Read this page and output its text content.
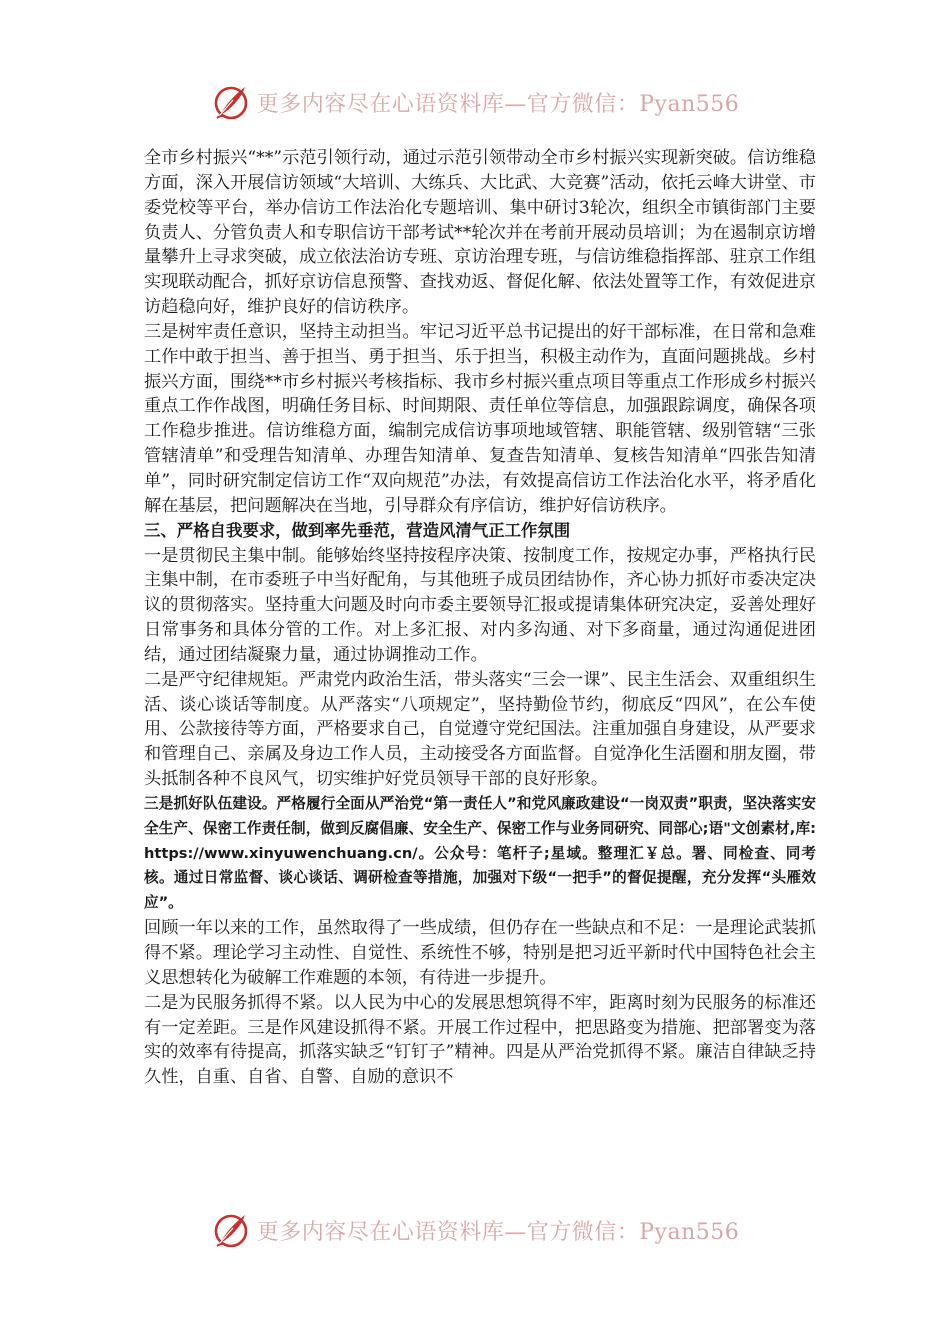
更多内容尽在心语资料库—官方微信：Pyan556

全市乡村振兴“**”示范引领行动，通过示范引领带动全市乡村振兴实现新突破。信访维稳方面，深入开展信访领域“大培训、大练兵、大比武、大竞赛”活动，依托云峰大讲堂、市委党校等平台，举办信访工作法治化专题培训、集中研讨3轮次，组织全市镇街部门主要负责人、分管负责人和专职信访干部考试**轮次并在考前开展动员培训；为在遏制京访增量攀升上寻求突破，成立依法治访专班、京访治理专班，与信访维稳指挥部、驻京工作组实现联动配合，抓好京访信息预警、查找劝返、督促化解、依法处置等工作，有效促进京访趋稳向好，维护良好的信访秩序。

三是树牢责任意识，坚持主动担当。牢记习近平总书记提出的好干部标准，在日常和急难工作中敢于担当、善于担当、勇于担当、乐于担当，积极主动作为，直面问题挑战。乡村振兴方面，围绕**市乡村振兴考核指标、我市乡村振兴重点项目等重点工作形成乡村振兴重点工作作战图，明确任务目标、时间期限、责任单位等信息，加强跟踪调度，确保各项工作稳步推进。信访维稳方面，编制完成信访事项地域管辖、职能管辖、级别管辖“三张管辖清单”和受理告知清单、办理告知清单、复查告知清单、复核告知清单“四张告知清单”，同时研究制定信访工作“双向规范”办法，有效提高信访工作法治化水平，将矛盾化解在基层，把问题解决在当地，引导群众有序信访，维护好信访秩序。

三、严格自我要求，做到率先垂范，营造风清气正工作氛围

一是贯彻民主集中制。能够始终坚持按程序决策、按制度工作，按规定办事，严格执行民主集中制，在市委班子中当好配角，与其他班子成员团结协作，齐心协力抓好市委决定决议的贯彻落实。坚持重大问题及时向市委主要领导汇报或提请集体研究决定，妥善处理好日常事务和具体分管的工作。对上多汇报、对内多沟通、对下多商量，通过沟通促进团结，通过团结凝聚力量，通过协调推动工作。

二是严守纪律规矩。严肃党内政治生活，带头落实“三会一课”、民主生活会、双重组织生活、谈心谈话等制度。从严落实“八项规定”，坚持勤俭节约，彻底反“四风”，在公车使用、公款接待等方面，严格要求自己，自觉遵守党纪国法。注重加强自身建设，从严要求和管理自己、亲属及身边工作人员，主动接受各方面监督。自觉净化生活圈和朋友圈，带头抵制各种不良风气，切实维护好党员领导干部的良好形象。

三是抓好队伍建设。严格履行全面从严治党“第一责任人”和党风廉政建设“一岗双责”职责，坚决落实安全生产、保密工作责任制，做到反腐倡廉、安全生产、保密工作与业务同研究、同部心;语"文创素材,库: https://www.xinyuwenchuang.cn/。公众号：笔杆子;星域。整理汇￥总。署、同检查、同考核。通过日常监督、谈心谈话、调研检查等措施，加强对下级“一把手”的督促提醒，充分发挥“头雁效应”。

回顾一年以来的工作，虽然取得了一些成绩，但仍存在一些缺点和不足：一是理论武装抓得不紧。理论学习主动性、自觉性、系统性不够，特别是把习近平新时代中国特色社会主义思想转化为破解工作难题的本领，有待进一步提升。

二是为民服务抓得不紧。以人民为中心的发展思想筑得不牢，距离时刻为民服务的标准还有一定差距。三是作风建设抓得不紧。开展工作过程中，把思路变为措施、把部署变为落实的效率有待提高，抓落实缺乏“钉钉子”精神。四是从严治党抓得不紧。廉洁自律缺乏持久性，自重、自省、自警、自励的意识不

更多内容尽在心语资料库—官方微信：Pyan556
